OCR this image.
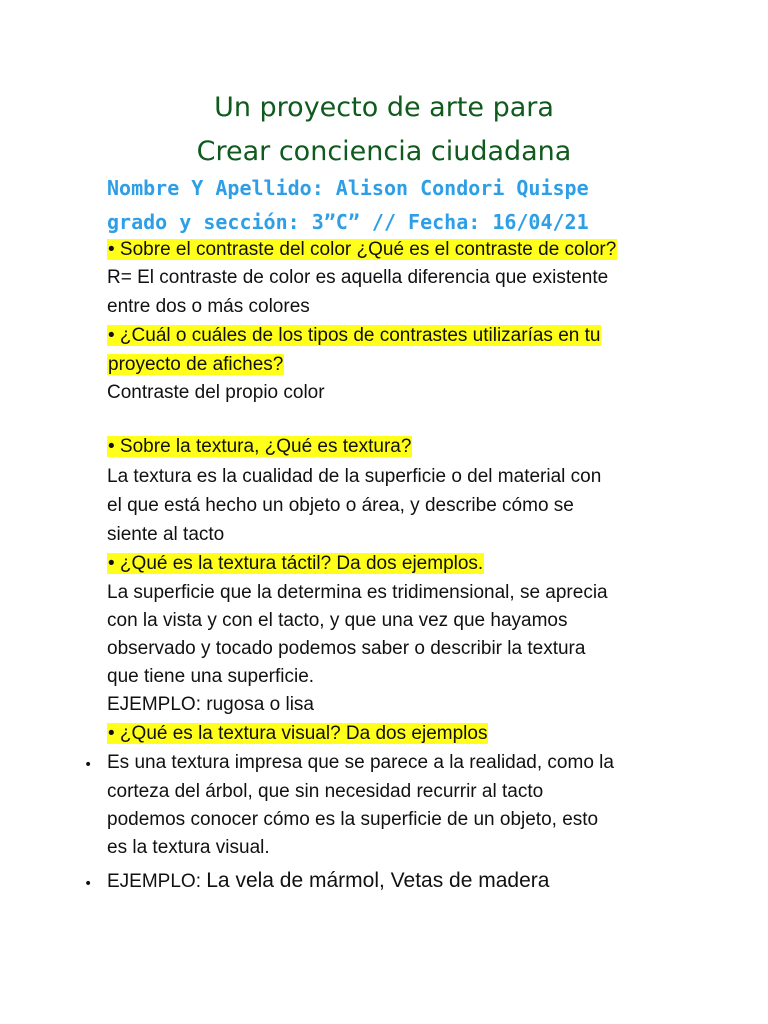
Un proyecto de arte para
Crear conciencia ciudadana
Nombre Y Apellido: Alison Condori Quispe
grado y sección: 3”C” // Fecha: 16/04/21
• Sobre el contraste del color ¿Qué es el contraste de color?
R= El contraste de color es aquella diferencia que existente
entre dos o más colores
• ¿Cuál o cuáles de los tipos de contrastes utilizarías en tu
proyecto de afiches?
Contraste del propio color
• Sobre la textura, ¿Qué es textura?
La textura es la cualidad de la superficie o del material con
el que está hecho un objeto o área, y describe cómo se
siente al tacto
• ¿Qué es la textura táctil? Da dos ejemplos.
La superficie que la determina es tridimensional, se aprecia
con la vista y con el tacto, y que una vez que hayamos
observado y tocado podemos saber o describir la textura
que tiene una superficie.
EJEMPLO: rugosa o lisa
• ¿Qué es la textura visual? Da dos ejemplos
• Es una textura impresa que se parece a la realidad, como la
corteza del árbol, que sin necesidad recurrir al tacto
podemos conocer cómo es la superficie de un objeto, esto
es la textura visual.
• EJEMPLO: La vela de mármol, Vetas de madera
